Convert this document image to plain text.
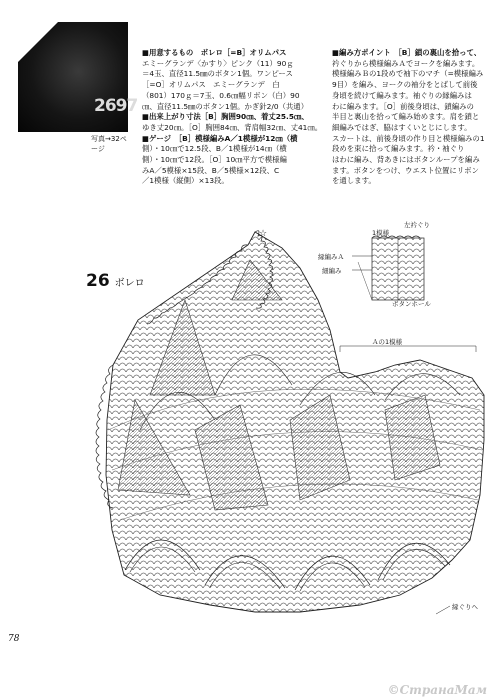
2697
写真→32ページ

■用意するもの　ボレロ［=B］オリムパス

エミーグランデ〈かすり〉ピンク（11）90ｇ

＝4玉、直径11.5㎜のボタン1個。ワンピース

［=O］オリムパス　エミーグランデ　白

（801）170ｇ＝7玉、0.6㎝幅リボン（白）90

㎝、直径11.5㎜のボタン1個。かぎ針2/0（共通）

■出来上がり寸法［B］胸囲90㎝、着丈25.5㎝、

ゆき丈20㎝。［O］胸囲84㎝、背肩幅32㎝、丈41㎝。

■ゲージ　［B］模様編みA／1模様が12㎝（横

側）・10㎝で12.5段、B／1模様が14㎝（横

側）・10㎝で12段。［O］10㎝平方で模様編

みA／5模様×15段、B／5模様×12段、C

／1模様（縦側）×13段。

■編み方ポイント　［B］鎖の裏山を拾って、

衿ぐりから模様編みＡでヨークを編みます。

模様編みＢの1段めで袖下のマチ（=模様編み

9目）を編み、ヨークの袖分をとばして前後

身頃を続けて編みます。袖ぐりの縁編みは

わに編みます。［O］前後身頃は、鎖編みの

半目と裏山を拾って編み始めます。肩を鎖と

細編みではぎ、脇はすくいとじにします。

スカートは、前後身頃の作り目と模様編みの1

段めを束に拾って編みます。衿・袖ぐり

はわに編み、背あきにはボタンループを編み

ます。ボタンをつけ、ウエスト位置にリボン

を通します。

26 ボレロ
☆	1模様
左衿ぐり
縁編みＡ
細編み
ボタンホール
Ａの1模様
縁ぐりへ
78
©СтранаМам
